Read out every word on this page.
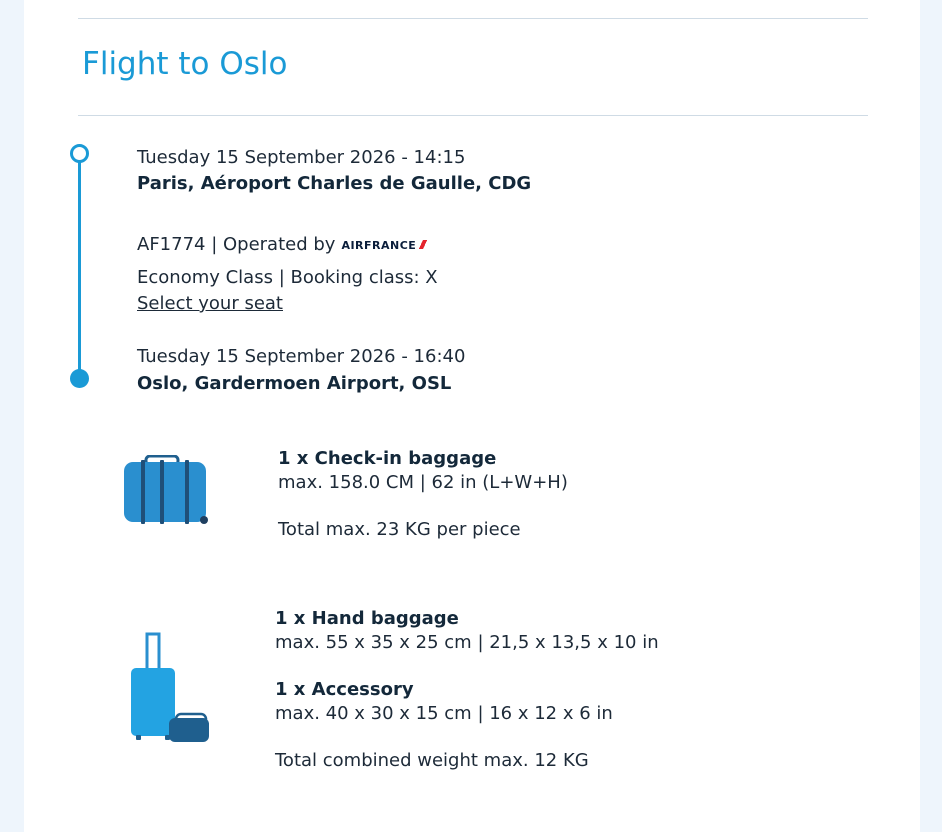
Flight to Oslo
Tuesday 15 September 2026 - 14:15
Paris, Aéroport Charles de Gaulle, CDG
AF1774 | Operated by AIRFRANCE
Economy Class | Booking class: X
Select your seat
Tuesday 15 September 2026 - 16:40
Oslo, Gardermoen Airport, OSL
1 x Check-in baggage
max. 158.0 CM | 62 in (L+W+H)
Total max. 23 KG per piece
1 x Hand baggage
max. 55 x 35 x 25 cm | 21,5 x 13,5 x 10 in
1 x Accessory
max. 40 x 30 x 15 cm | 16 x 12 x 6 in
Total combined weight max. 12 KG
